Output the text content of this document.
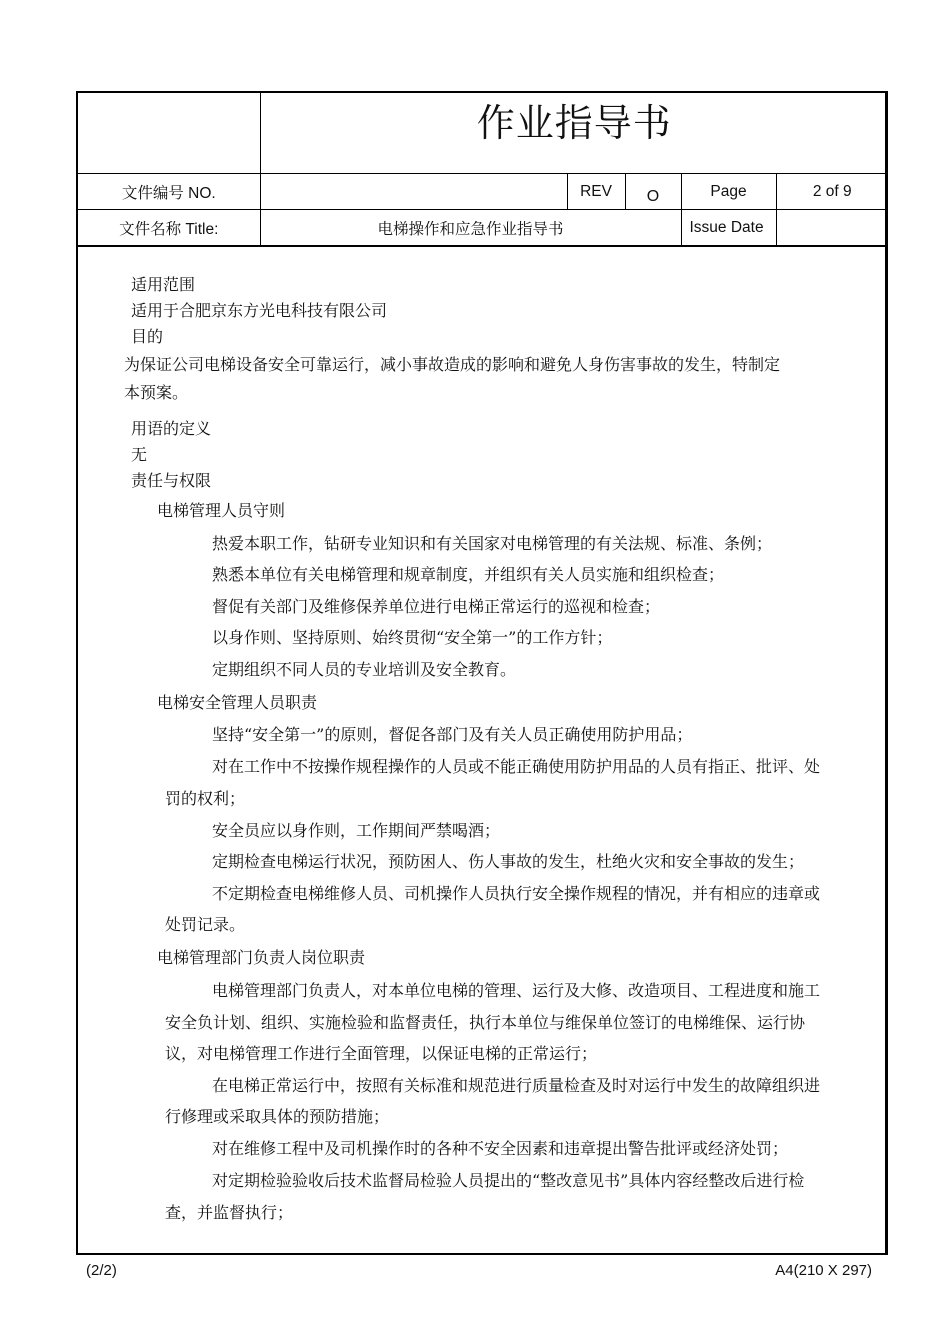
	作业指导书				

文件编号 NO.		REV	O	Page	2 of 9
文件名称 Title:	电梯操作和应急作业指导书			Issue Date	
适用范围
适用于合肥京东方光电科技有限公司
目的
为保证公司电梯设备安全可靠运行，减小事故造成的影响和避免人身伤害事故的发生，特制定
本预案。
用语的定义
无
责任与权限
电梯管理人员守则
热爱本职工作，钻研专业知识和有关国家对电梯管理的有关法规、标准、条例；
熟悉本单位有关电梯管理和规章制度，并组织有关人员实施和组织检查；
督促有关部门及维修保养单位进行电梯正常运行的巡视和检查；
以身作则、坚持原则、始终贯彻“安全第一”的工作方针；
定期组织不同人员的专业培训及安全教育。
电梯安全管理人员职责
坚持“安全第一”的原则，督促各部门及有关人员正确使用防护用品；
对在工作中不按操作规程操作的人员或不能正确使用防护用品的人员有指正、批评、处
罚的权利；
安全员应以身作则，工作期间严禁喝酒；
定期检查电梯运行状况，预防困人、伤人事故的发生，杜绝火灾和安全事故的发生；
不定期检查电梯维修人员、司机操作人员执行安全操作规程的情况，并有相应的违章或
处罚记录。
电梯管理部门负责人岗位职责
电梯管理部门负责人，对本单位电梯的管理、运行及大修、改造项目、工程进度和施工
安全负计划、组织、实施检验和监督责任，执行本单位与维保单位签订的电梯维保、运行协
议，对电梯管理工作进行全面管理，以保证电梯的正常运行；
在电梯正常运行中，按照有关标准和规范进行质量检查及时对运行中发生的故障组织进
行修理或采取具体的预防措施；
对在维修工程中及司机操作时的各种不安全因素和违章提出警告批评或经济处罚；
对定期检验验收后技术监督局检验人员提出的“整改意见书”具体内容经整改后进行检
查，并监督执行；
(2/2)	A4(210 X 297)
